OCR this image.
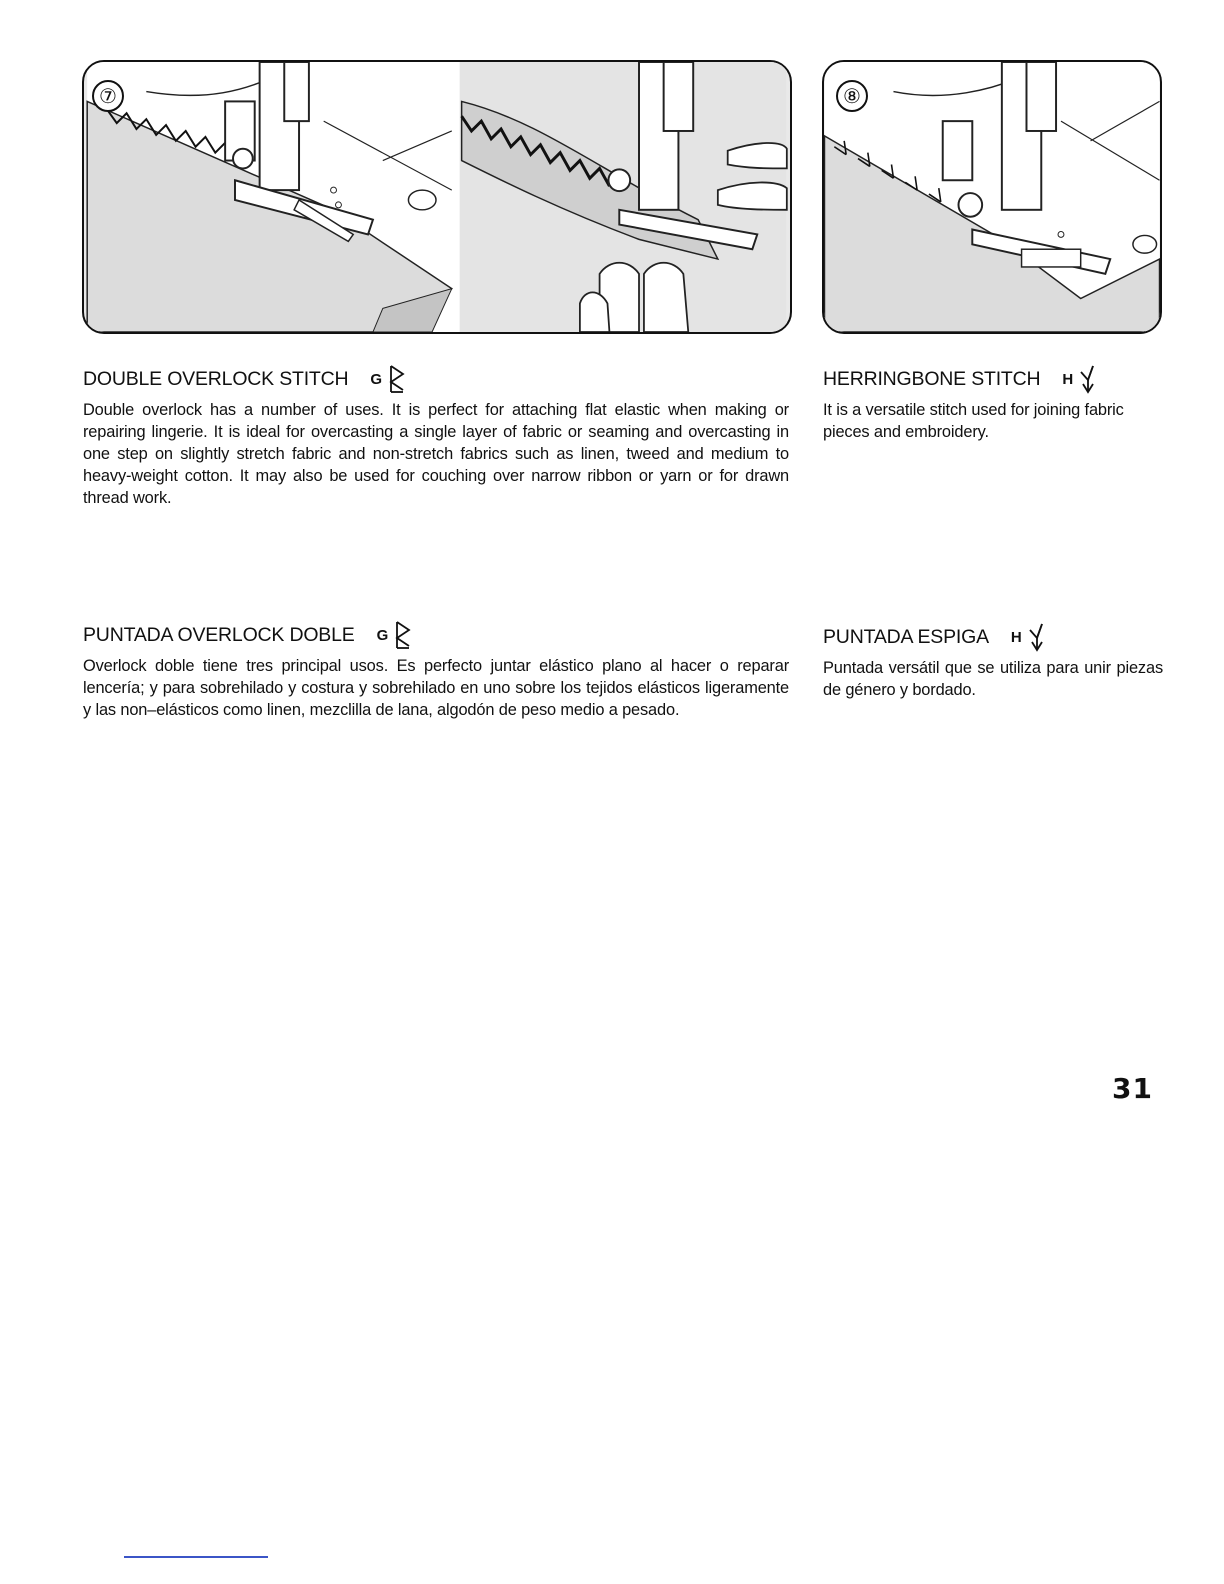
⑦	⑧
DOUBLE OVERLOCK STITCH G

Double overlock has a number of uses. It is perfect for attaching flat elastic when making or repairing lingerie. It is ideal for overcasting a single layer of fabric or seaming and overcasting in one step on slightly stretch fabric and non-stretch fabrics such as linen, tweed and medium to heavy-weight cotton. It may also be used for couching over narrow ribbon or yarn or for drawn thread work.

HERRINGBONE STITCH H

It is a versatile stitch used for joining fabric pieces and embroidery.

PUNTADA OVERLOCK DOBLE G

Overlock doble tiene tres principal usos. Es perfecto juntar elástico plano al hacer o reparar lencería; y para sobrehilado y costura y sobrehilado en uno sobre los tejidos elásticos ligeramente y las non–elásticos como linen, mezclilla de lana, algodón de peso medio a pesado.

PUNTADA ESPIGA H

Puntada versátil que se utiliza para unir piezas de género y bordado.

31
